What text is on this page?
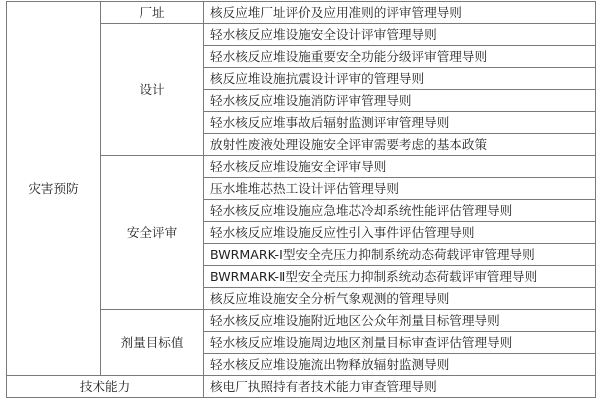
灾害预防	厂址	核反应堆厂址评价及应用准则的评审管理导则
	设计	轻水核反应堆设施安全设计评审管理导则
		轻水核反应堆设施重要安全功能分级评审管理导则
		核反应堆设施抗震设计评审的管理导则
		轻水核反应堆设施消防评审管理导则
		轻水核反应堆事故后辐射监测评审管理导则
		放射性废液处理设施安全评审需要考虑的基本政策
	安全评审	轻水核反应堆设施安全评审导则
		压水堆堆芯热工设计评估管理导则
		轻水核反应堆设施应急堆芯冷却系统性能评估管理导则
		轻水核反应堆设施反应性引入事件评估管理导则
		BWRMARK-Ⅰ型安全壳压力抑制系统动态荷载评审管理导则
		BWRMARK-Ⅱ型安全壳压力抑制系统动态荷载评审管理导则
		核反应堆设施安全分析气象观测的管理导则
	剂量目标值	轻水核反应堆设施附近地区公众年剂量目标管理导则
		轻水核反应堆设施周边地区剂量目标审查评估管理导则
		轻水核反应堆设施流出物释放辐射监测导则
技术能力		核电厂执照持有者技术能力审查管理导则
